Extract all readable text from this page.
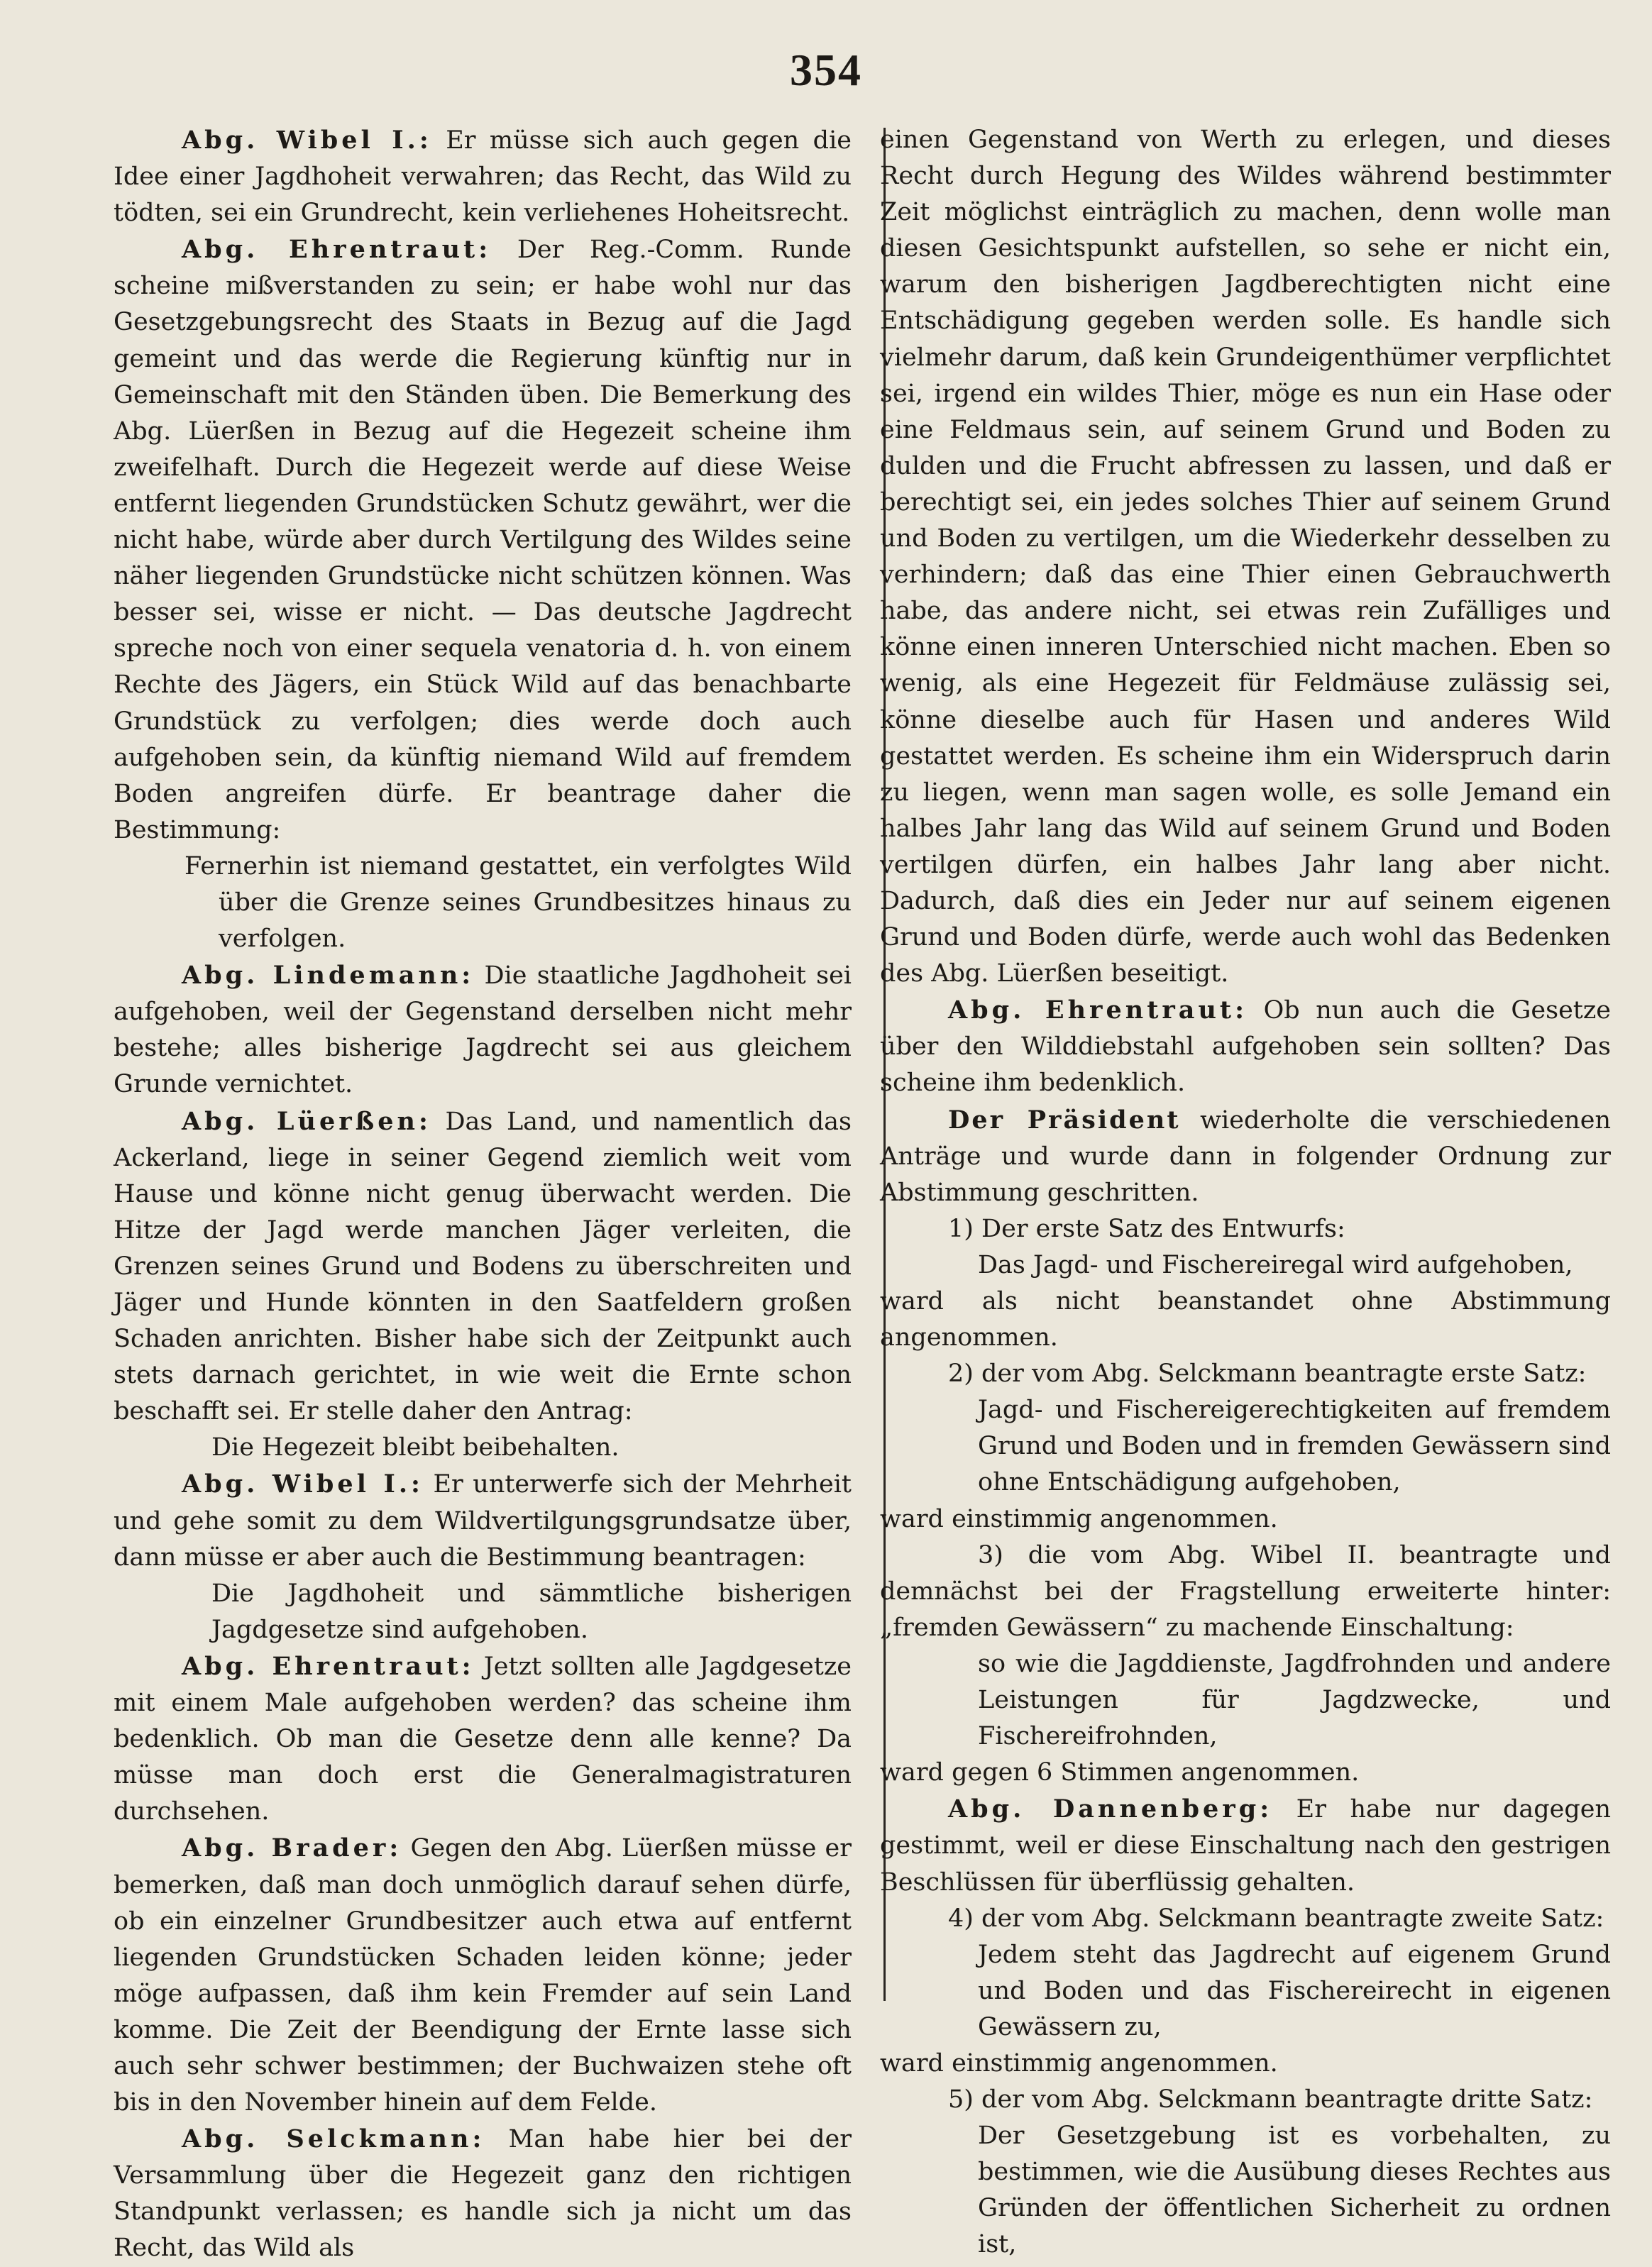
354

Abg. Wibel I.: Er müsse sich auch gegen die Idee einer Jagdhoheit verwahren; das Recht, das Wild zu tödten, sei ein Grundrecht, kein verliehenes Hoheitsrecht.

Abg. Ehrentraut: Der Reg.-Comm. Runde scheine mißverstanden zu sein; er habe wohl nur das Gesetzgebungsrecht des Staats in Bezug auf die Jagd gemeint und das werde die Regierung künftig nur in Gemeinschaft mit den Ständen üben. Die Bemerkung des Abg. Lüerßen in Bezug auf die Hegezeit scheine ihm zweifelhaft. Durch die Hegezeit werde auf diese Weise entfernt liegenden Grundstücken Schutz gewährt, wer die nicht habe, würde aber durch Vertilgung des Wildes seine näher liegenden Grundstücke nicht schützen können. Was besser sei, wisse er nicht. — Das deutsche Jagdrecht spreche noch von einer sequela venatoria d. h. von einem Rechte des Jägers, ein Stück Wild auf das benachbarte Grundstück zu verfolgen; dies werde doch auch aufgehoben sein, da künftig niemand Wild auf fremdem Boden angreifen dürfe. Er beantrage daher die Bestimmung:

Fernerhin ist niemand gestattet, ein verfolgtes Wild über die Grenze seines Grundbesitzes hinaus zu verfolgen.

Abg. Lindemann: Die staatliche Jagdhoheit sei aufgehoben, weil der Gegenstand derselben nicht mehr bestehe; alles bisherige Jagdrecht sei aus gleichem Grunde vernichtet.

Abg. Lüerßen: Das Land, und namentlich das Ackerland, liege in seiner Gegend ziemlich weit vom Hause und könne nicht genug überwacht werden. Die Hitze der Jagd werde manchen Jäger verleiten, die Grenzen seines Grund und Bodens zu überschreiten und Jäger und Hunde könnten in den Saatfeldern großen Schaden anrichten. Bisher habe sich der Zeitpunkt auch stets darnach gerichtet, in wie weit die Ernte schon beschafft sei. Er stelle daher den Antrag:

Die Hegezeit bleibt beibehalten.

Abg. Wibel I.: Er unterwerfe sich der Mehrheit und gehe somit zu dem Wildvertilgungsgrundsatze über, dann müsse er aber auch die Bestimmung beantragen:

Die Jagdhoheit und sämmtliche bisherigen Jagdgesetze sind aufgehoben.

Abg. Ehrentraut: Jetzt sollten alle Jagdgesetze mit einem Male aufgehoben werden? das scheine ihm bedenklich. Ob man die Gesetze denn alle kenne? Da müsse man doch erst die Generalmagistraturen durchsehen.

Abg. Brader: Gegen den Abg. Lüerßen müsse er bemerken, daß man doch unmöglich darauf sehen dürfe, ob ein einzelner Grundbesitzer auch etwa auf entfernt liegenden Grundstücken Schaden leiden könne; jeder möge aufpassen, daß ihm kein Fremder auf sein Land komme. Die Zeit der Beendigung der Ernte lasse sich auch sehr schwer bestimmen; der Buchwaizen stehe oft bis in den November hinein auf dem Felde.

Abg. Selckmann: Man habe hier bei der Versammlung über die Hegezeit ganz den richtigen Standpunkt verlassen; es handle sich ja nicht um das Recht, das Wild als

einen Gegenstand von Werth zu erlegen, und dieses Recht durch Hegung des Wildes während bestimmter Zeit möglichst einträglich zu machen, denn wolle man diesen Gesichtspunkt aufstellen, so sehe er nicht ein, warum den bisherigen Jagdberechtigten nicht eine Entschädigung gegeben werden solle. Es handle sich vielmehr darum, daß kein Grundeigenthümer verpflichtet sei, irgend ein wildes Thier, möge es nun ein Hase oder eine Feldmaus sein, auf seinem Grund und Boden zu dulden und die Frucht abfressen zu lassen, und daß er berechtigt sei, ein jedes solches Thier auf seinem Grund und Boden zu vertilgen, um die Wiederkehr desselben zu verhindern; daß das eine Thier einen Gebrauchwerth habe, das andere nicht, sei etwas rein Zufälliges und könne einen inneren Unterschied nicht machen. Eben so wenig, als eine Hegezeit für Feldmäuse zulässig sei, könne dieselbe auch für Hasen und anderes Wild gestattet werden. Es scheine ihm ein Widerspruch darin zu liegen, wenn man sagen wolle, es solle Jemand ein halbes Jahr lang das Wild auf seinem Grund und Boden vertilgen dürfen, ein halbes Jahr lang aber nicht. Dadurch, daß dies ein Jeder nur auf seinem eigenen Grund und Boden dürfe, werde auch wohl das Bedenken des Abg. Lüerßen beseitigt.

Abg. Ehrentraut: Ob nun auch die Gesetze über den Wilddiebstahl aufgehoben sein sollten? Das scheine ihm bedenklich.

Der Präsident wiederholte die verschiedenen Anträge und wurde dann in folgender Ordnung zur Abstimmung geschritten.

1) Der erste Satz des Entwurfs:

Das Jagd- und Fischereiregal wird aufgehoben,

ward als nicht beanstandet ohne Abstimmung angenommen.

2) der vom Abg. Selckmann beantragte erste Satz:

Jagd- und Fischereigerechtigkeiten auf fremdem Grund und Boden und in fremden Gewässern sind ohne Entschädigung aufgehoben,

ward einstimmig angenommen.

3) die vom Abg. Wibel II. beantragte und demnächst bei der Fragstellung erweiterte hinter: „fremden Gewässern“ zu machende Einschaltung:

so wie die Jagddienste, Jagdfrohnden und andere Leistungen für Jagdzwecke, und Fischereifrohnden,

ward gegen 6 Stimmen angenommen.

Abg. Dannenberg: Er habe nur dagegen gestimmt, weil er diese Einschaltung nach den gestrigen Beschlüssen für überflüssig gehalten.

4) der vom Abg. Selckmann beantragte zweite Satz:

Jedem steht das Jagdrecht auf eigenem Grund und Boden und das Fischereirecht in eigenen Gewässern zu,

ward einstimmig angenommen.

5) der vom Abg. Selckmann beantragte dritte Satz:

Der Gesetzgebung ist es vorbehalten, zu bestimmen, wie die Ausübung dieses Rechtes aus Gründen der öffentlichen Sicherheit zu ordnen ist,
